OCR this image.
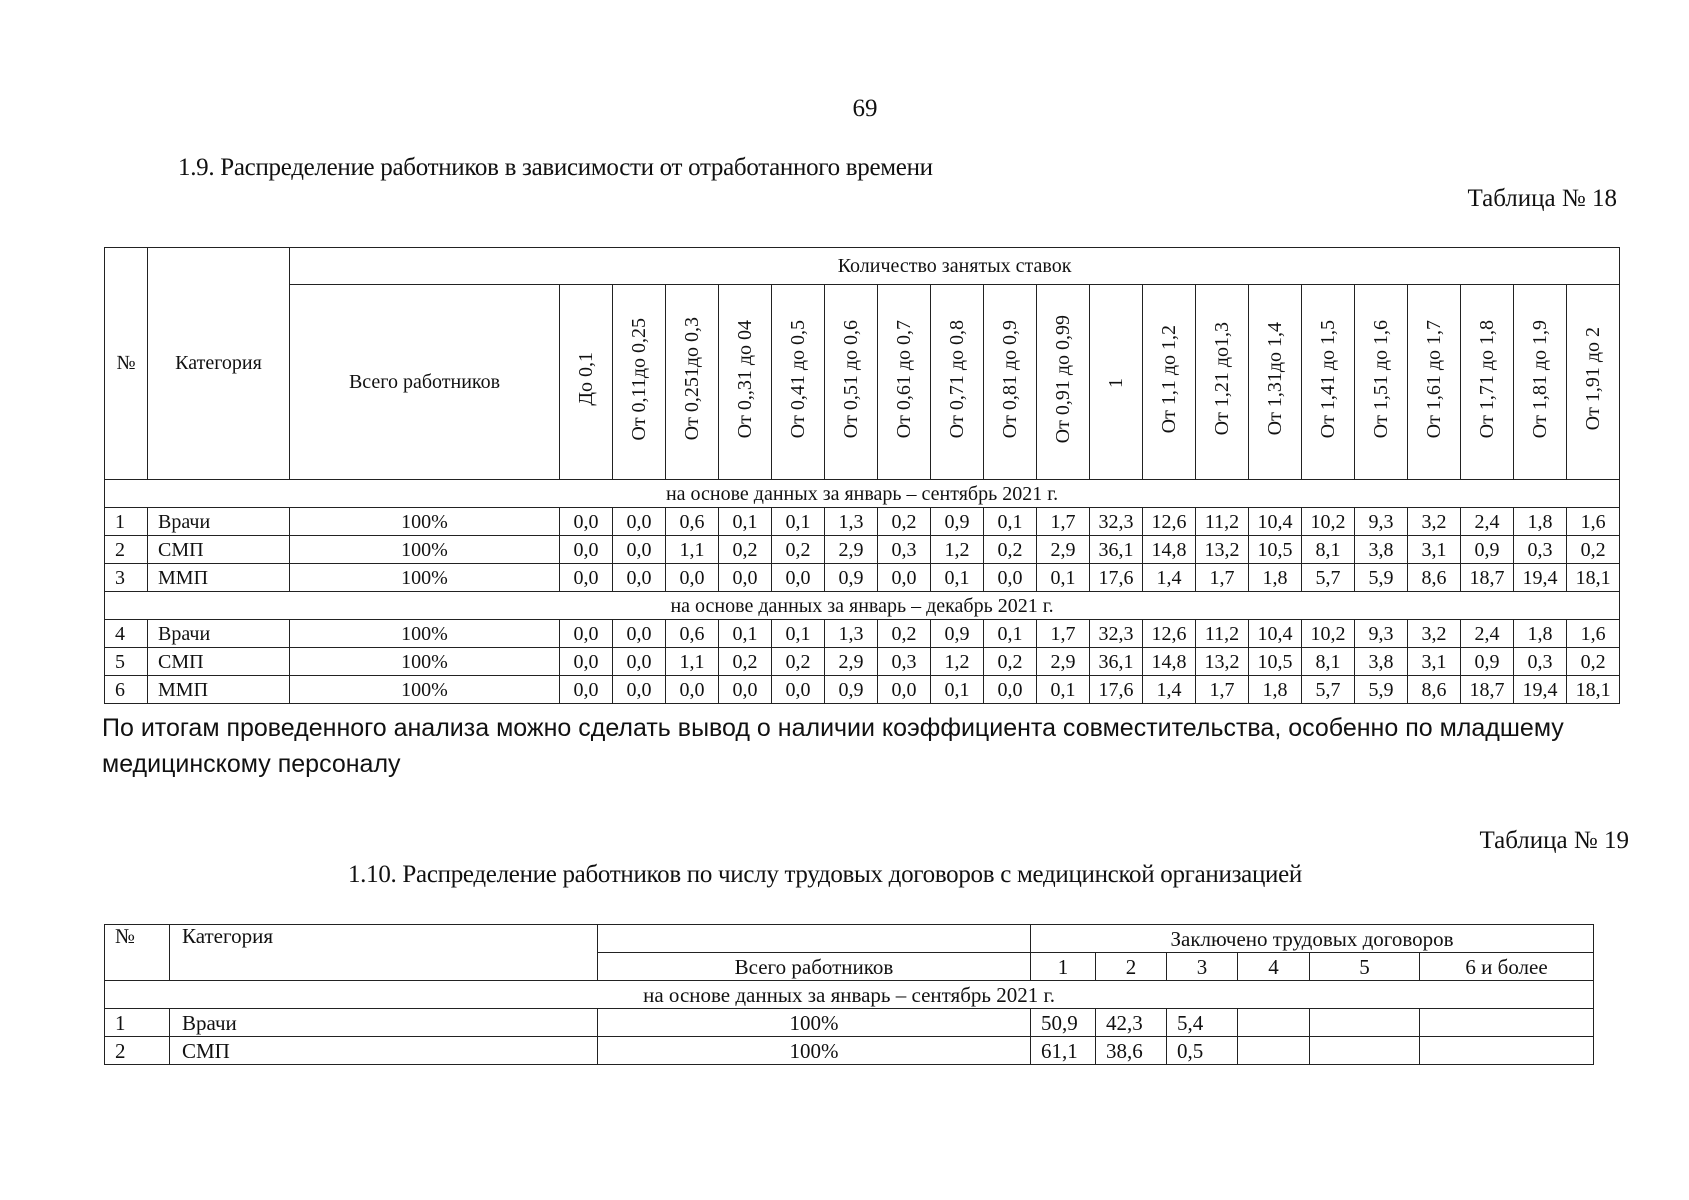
69
1.9. Распределение работников в зависимости от отработанного времени
Таблица № 18
№	Категория	Количество занятых ставок																				
		Всего работников	До 0,1	От 0,11до 0,25	От 0,251до 0,3	От 0,,31 до 04	От 0,41 до 0,5	От 0,51 до 0,6	От 0,61 до 0,7	От 0,71 до 0,8	От 0,81 до 0,9	От 0,91 до 0,99	1	От 1,1 до 1,2	От 1,21 до1,3	От 1,31до 1,4	От 1,41 до 1,5	От 1,51 до 1,6	От 1,61 до 1,7	От 1,71 до 1,8	От 1,81 до 1,9	От 1,91 до 2
на основе данных за январь – сентябрь 2021 г.																						
1	Врачи	100%	0,0	0,0	0,6	0,1	0,1	1,3	0,2	0,9	0,1	1,7	32,3	12,6	11,2	10,4	10,2	9,3	3,2	2,4	1,8	1,6
2	СМП	100%	0,0	0,0	1,1	0,2	0,2	2,9	0,3	1,2	0,2	2,9	36,1	14,8	13,2	10,5	8,1	3,8	3,1	0,9	0,3	0,2
3	ММП	100%	0,0	0,0	0,0	0,0	0,0	0,9	0,0	0,1	0,0	0,1	17,6	1,4	1,7	1,8	5,7	5,9	8,6	18,7	19,4	18,1
на основе данных за январь – декабрь 2021 г.																						
4	Врачи	100%	0,0	0,0	0,6	0,1	0,1	1,3	0,2	0,9	0,1	1,7	32,3	12,6	11,2	10,4	10,2	9,3	3,2	2,4	1,8	1,6
5	СМП	100%	0,0	0,0	1,1	0,2	0,2	2,9	0,3	1,2	0,2	2,9	36,1	14,8	13,2	10,5	8,1	3,8	3,1	0,9	0,3	0,2
6	ММП	100%	0,0	0,0	0,0	0,0	0,0	0,9	0,0	0,1	0,0	0,1	17,6	1,4	1,7	1,8	5,7	5,9	8,6	18,7	19,4	18,1
По итогам проведенного анализа можно сделать вывод о наличии коэффициента совместительства, особенно по младшему медицинскому персоналу
Таблица № 19
1.10. Распределение работников по числу трудовых договоров с медицинской организацией
№	Категория		Заключено трудовых договоров					
		Всего работников	1	2	3	4	5	6 и более
на основе данных за январь – сентябрь 2021 г.								
1	Врачи	100%	50,9	42,3	5,4			
2	СМП	100%	61,1	38,6	0,5			
